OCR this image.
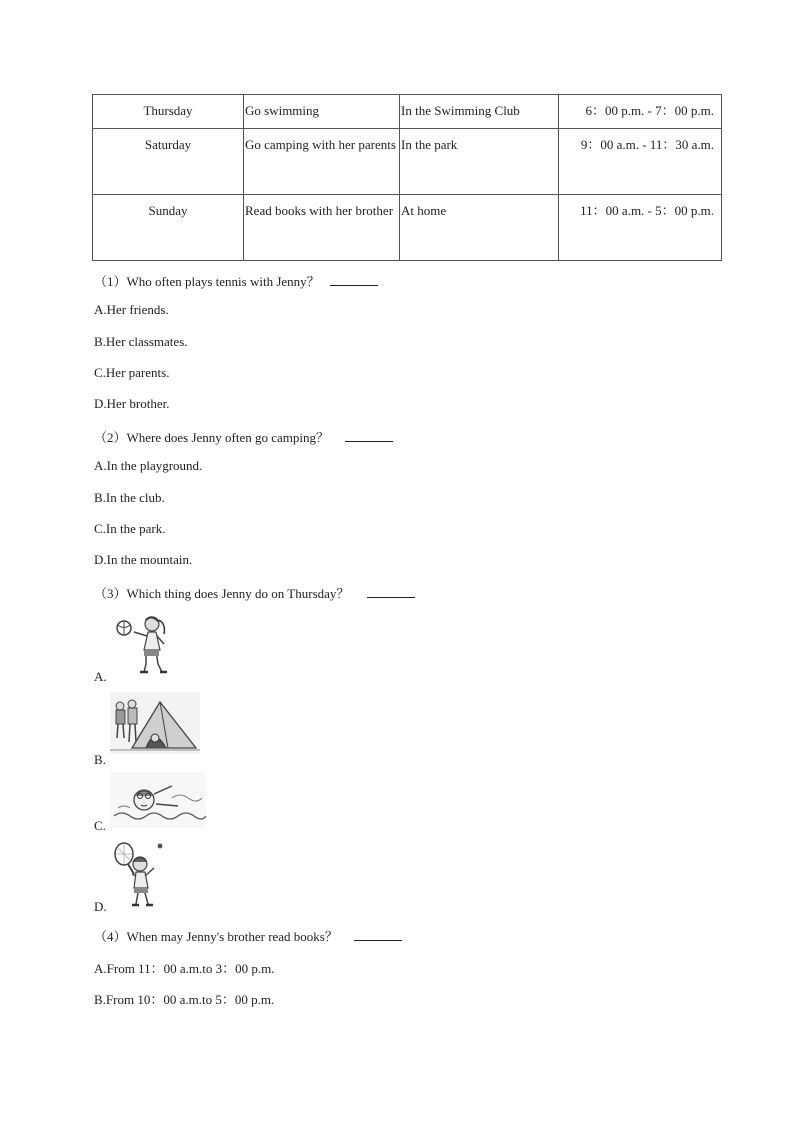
Thursday	Go swimming	In the Swimming Club	6：00 p.m. - 7：00 p.m.
Saturday	Go camping with her parents	In the park	9：00 a.m. - 11：30 a.m.
Sunday	Read books with her brother	At home	11：00 a.m. - 5：00 p.m.
（1）Who often plays tennis with Jenny？
A.Her friends.
B.Her classmates.
C.Her parents.
D.Her brother.
（2）Where does Jenny often go camping？
A.In the playground.
B.In the club.
C.In the park.
D.In the mountain.
（3）Which thing does Jenny do on Thursday？
A.
B.
C.
D.
（4）When may Jenny's brother read books？
A.From 11：00 a.m.to 3：00 p.m.
B.From 10：00 a.m.to 5：00 p.m.
